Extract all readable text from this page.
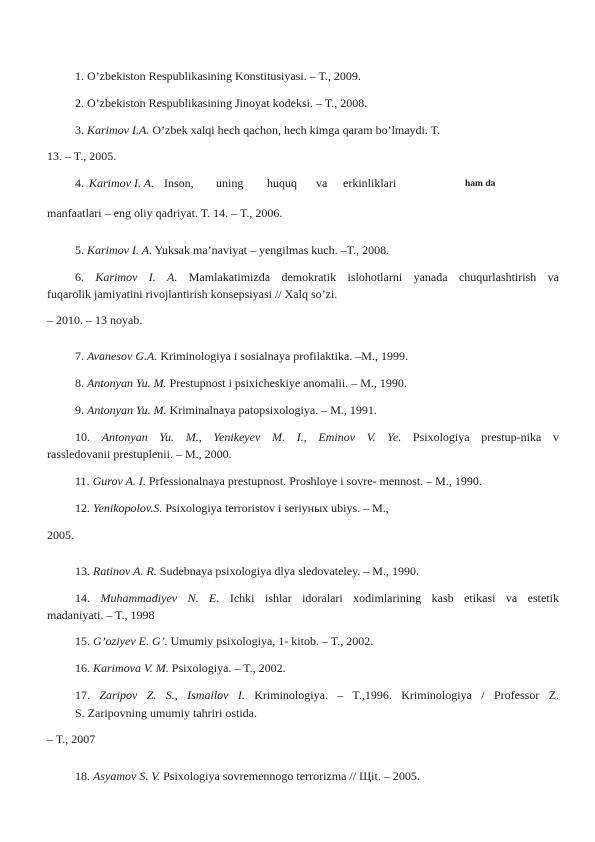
1. O’zbekiston Respublikasining Konstitusiyasi. – T., 2009.
2. O’zbekiston Respublikasining Jinoyat kodeksi. – T., 2008.
3. Karimov I.A. O’zbek xalqi hech qachon, hech kimga qaram bo’lmaydi. T.
13. – T., 2005.
4. Karimov I. A. Inson, uning huquq va erkinliklari	ham da
manfaatlari – eng oliy qadriyat. T. 14. – T., 2006.
5. Karimov I. A. Yuksak ma’naviyat – yengilmas kuch. –T., 2008.
6. Karimov I. A. Mamlakatimizda demokratik islohotlarni yanada chuqurlashtirish va
fuqarolik jamiyatini rivojlantirish konsepsiyasi // Xalq so’zi.
– 2010. – 13 noyab.
7. Avanesov G.A. Kriminologiya i sosialnaya profilaktika. –M., 1999.
8. Antonyan Yu. M. Prestupnost i psixicheskiye anomalii. – M., 1990.
9. Antonyan Yu. M. Kriminalnaya patopsixologiya. – M., 1991.
10. Antonyan Yu. M., Yenikeyev M. I., Eminov V. Ye. Psixologiya prestup-nika v
rassledovanii prestuplenii. – M., 2000.
11. Gurov A. I. Prfessionalnaya prestupnost. Proshloye i sovre- mennost. – M., 1990.
12. Yenikopolov.S. Psixologiya terroristov i seriyныx ubiys. – M.,
2005.
13. Ratinov A. R. Sudebnaya psixologiya dlya sledovateley. – M., 1990.
14. Muhammadiyev N. E. Ichki ishlar idoralari xodimlarining kasb etikasi va estetik
madaniyati. – T., 1998
15. G’oziyev E. G’. Umumiy psixologiya, 1- kitob. – T., 2002.
16. Karimova V. M. Psixologiya. – T., 2002.
17. Zaripov Z. S., Ismailov I. Kriminologiya. – T.,1996. Kriminologiya / Professor Z.
S. Zaripovning umumiy tahriri ostida.
– T., 2007
18. Asyamov S. V. Psixologiya sovremennogo terrorizma // Щit. – 2005.
